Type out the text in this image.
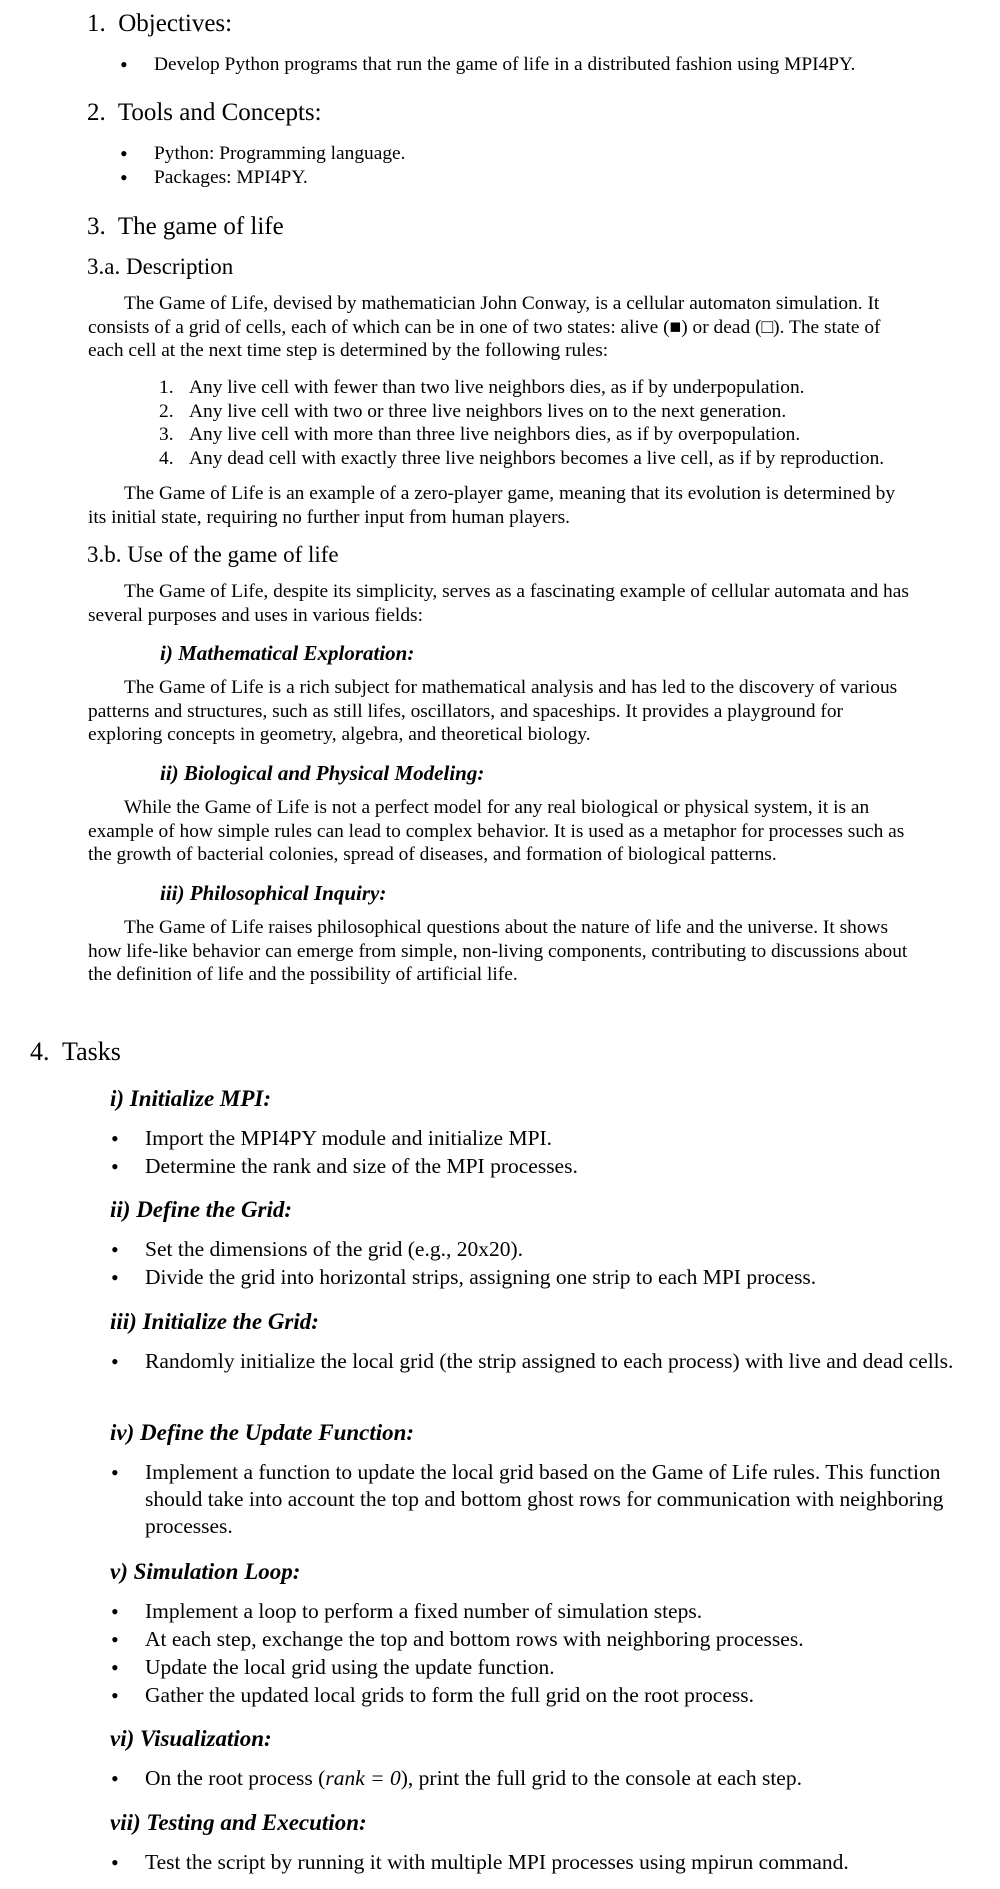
1. Objectives:
• Develop Python programs that run the game of life in a distributed fashion using MPI4PY.
2. Tools and Concepts:
• Python: Programming language.
• Packages: MPI4PY.
3. The game of life
3.a. Description

The Game of Life, devised by mathematician John Conway, is a cellular automaton simulation. It consists of a grid of cells, each of which can be in one of two states: alive (■) or dead (□). The state of each cell at the next time step is determined by the following rules:

1. Any live cell with fewer than two live neighbors dies, as if by underpopulation.
2. Any live cell with two or three live neighbors lives on to the next generation.
3. Any live cell with more than three live neighbors dies, as if by overpopulation.
4. Any dead cell with exactly three live neighbors becomes a live cell, as if by reproduction.

The Game of Life is an example of a zero-player game, meaning that its evolution is determined by its initial state, requiring no further input from human players.

3.b. Use of the game of life

The Game of Life, despite its simplicity, serves as a fascinating example of cellular automata and has several purposes and uses in various fields:

i) Mathematical Exploration:

The Game of Life is a rich subject for mathematical analysis and has led to the discovery of various patterns and structures, such as still lifes, oscillators, and spaceships. It provides a playground for exploring concepts in geometry, algebra, and theoretical biology.

ii) Biological and Physical Modeling:

While the Game of Life is not a perfect model for any real biological or physical system, it is an example of how simple rules can lead to complex behavior. It is used as a metaphor for processes such as the growth of bacterial colonies, spread of diseases, and formation of biological patterns.

iii) Philosophical Inquiry:

The Game of Life raises philosophical questions about the nature of life and the universe. It shows how life-like behavior can emerge from simple, non-living components, contributing to discussions about the definition of life and the possibility of artificial life.

4. Tasks
i) Initialize MPI:
• Import the MPI4PY module and initialize MPI.
• Determine the rank and size of the MPI processes.
ii) Define the Grid:
• Set the dimensions of the grid (e.g., 20x20).
• Divide the grid into horizontal strips, assigning one strip to each MPI process.
iii) Initialize the Grid:
• Randomly initialize the local grid (the strip assigned to each process) with live and dead cells.
iv) Define the Update Function:
• Implement a function to update the local grid based on the Game of Life rules. This function should take into account the top and bottom ghost rows for communication with neighboring processes.
v) Simulation Loop:
• Implement a loop to perform a fixed number of simulation steps.
• At each step, exchange the top and bottom rows with neighboring processes.
• Update the local grid using the update function.
• Gather the updated local grids to form the full grid on the root process.
vi) Visualization:
• On the root process (rank = 0), print the full grid to the console at each step.
vii) Testing and Execution:
• Test the script by running it with multiple MPI processes using mpirun command.
